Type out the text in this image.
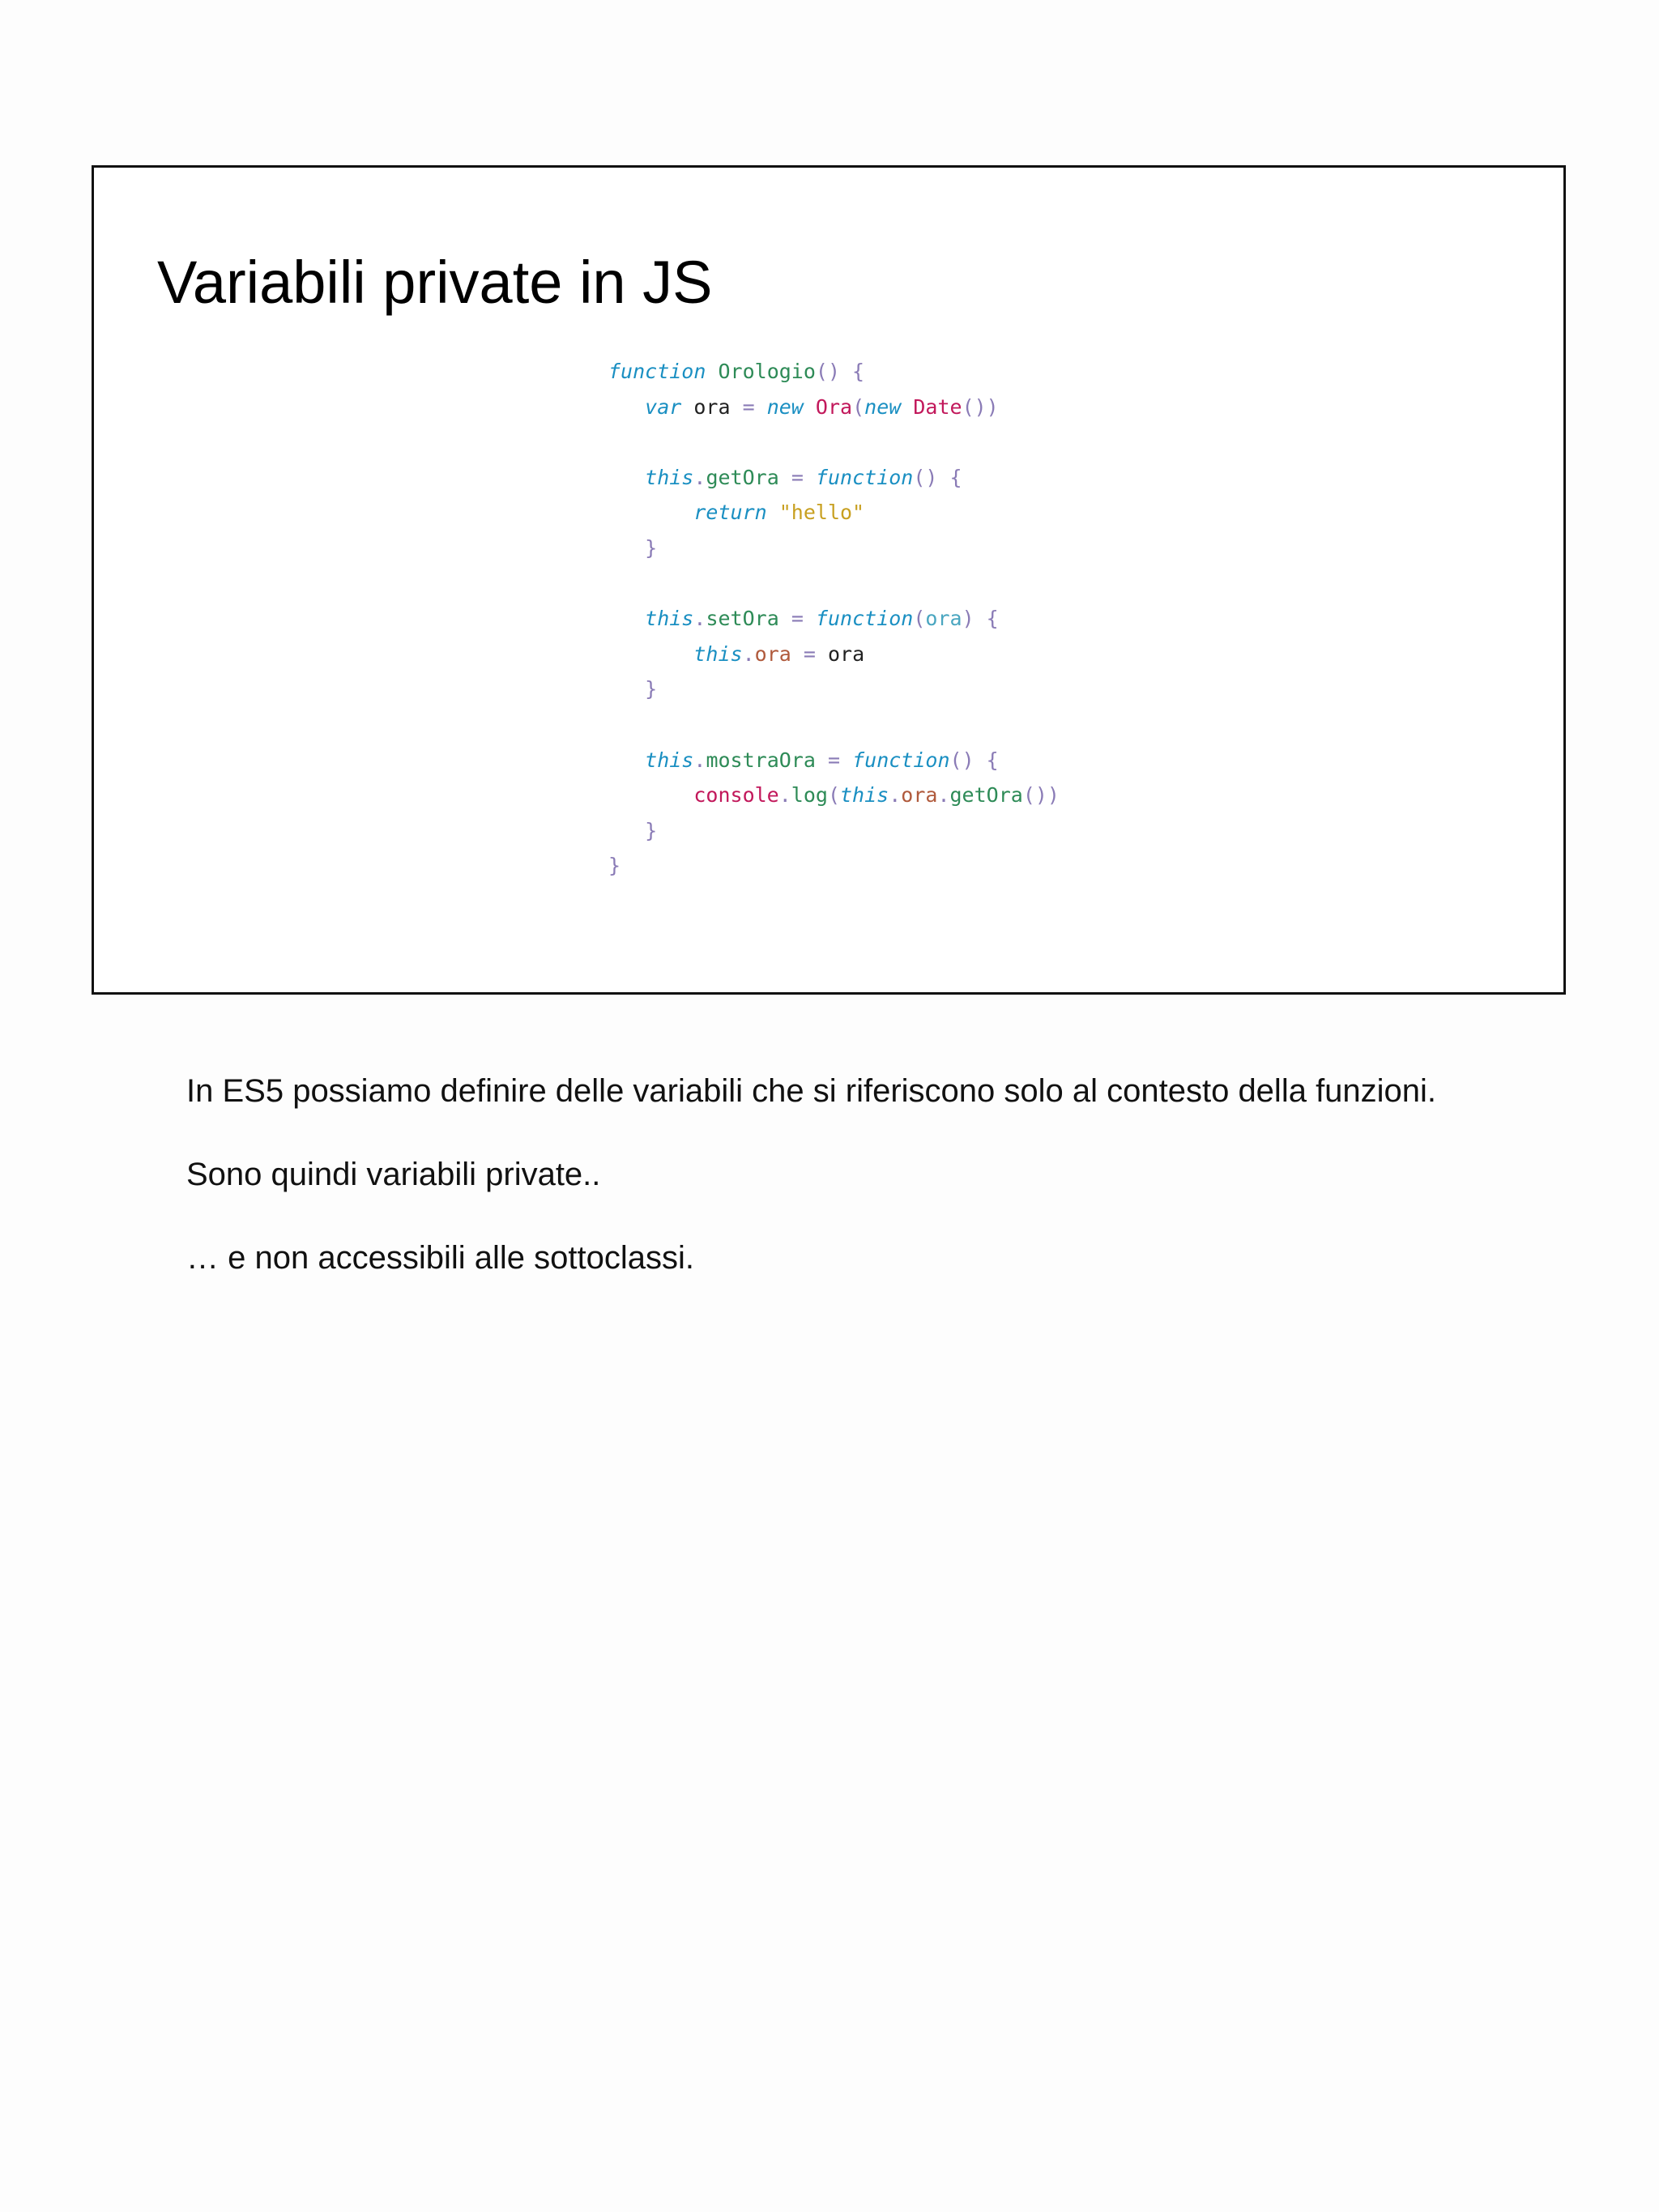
Variabili private in JS
function Orologio() {
var ora = new Ora(new Date())

this.getOra = function() {
return "hello"
}

this.setOra = function(ora) {
this.ora = ora
}

this.mostraOra = function() {
console.log(this.ora.getOra())
}
}

In ES5 possiamo definire delle variabili che si riferiscono solo al contesto della funzioni.

Sono quindi variabili private..

… e non accessibili alle sottoclassi.
